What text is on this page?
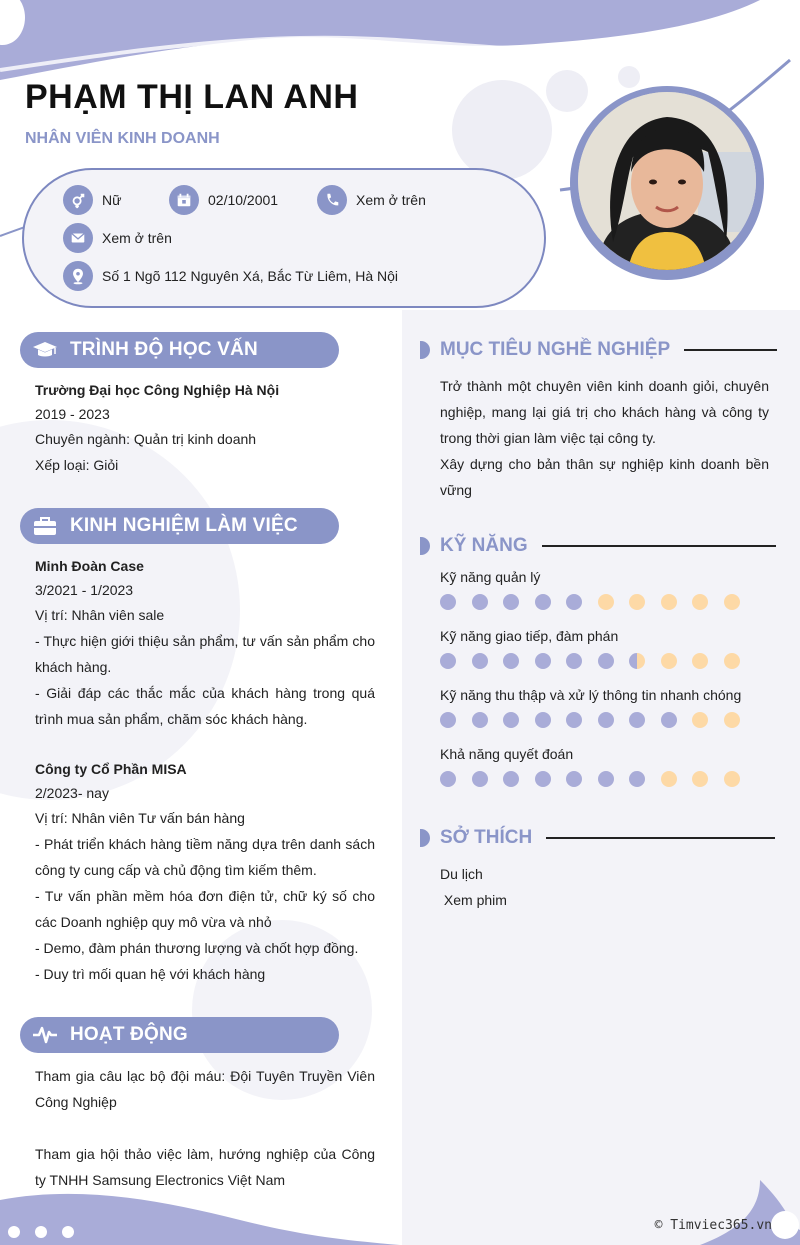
PHẠM THỊ LAN ANH
NHÂN VIÊN KINH DOANH
Nữ	02/10/2001	Xem ở trên
Xem ở trên
Số 1 Ngõ 112 Nguyên Xá, Bắc Từ Liêm, Hà Nội
TRÌNH ĐỘ HỌC VẤN
Trường Đại học Công Nghiệp Hà Nội
2019 - 2023
Chuyên ngành: Quản trị kinh doanh
Xếp loại: Giỏi
KINH NGHIỆM LÀM VIỆC
Minh Đoàn Case
3/2021 - 1/2023
Vị trí: Nhân viên sale
- Thực hiện giới thiệu sản phẩm, tư vấn sản phẩm cho khách hàng.
- Giải đáp các thắc mắc của khách hàng trong quá trình mua sản phẩm, chăm sóc khách hàng.
Công ty Cổ Phần MISA
2/2023- nay
Vị trí: Nhân viên Tư vấn bán hàng
- Phát triển khách hàng tiềm năng dựa trên danh sách công ty cung cấp và chủ động tìm kiếm thêm.
- Tư vấn phần mềm hóa đơn điện tử, chữ ký số cho các Doanh nghiệp quy mô vừa và nhỏ
- Demo, đàm phán thương lượng và chốt hợp đồng.
- Duy trì mối quan hệ với khách hàng
HOẠT ĐỘNG
Tham gia câu lạc bộ đội máu: Đội Tuyên Truyền Viên Công Nghiệp
Tham gia hội thảo việc làm, hướng nghiệp của Công ty TNHH Samsung Electronics Việt Nam
MỤC TIÊU NGHỀ NGHIỆP
Trở thành một chuyên viên kinh doanh giỏi, chuyên nghiệp, mang lại giá trị cho khách hàng và công ty trong thời gian làm việc tại công ty.
Xây dựng cho bản thân sự nghiệp kinh doanh bền vững
KỸ NĂNG
Kỹ năng quản lý
Kỹ năng giao tiếp, đàm phán
Kỹ năng thu thập và xử lý thông tin nhanh chóng
Khả năng quyết đoán
SỞ THÍCH
Du lịch
Xem phim
© Timviec365.vn
